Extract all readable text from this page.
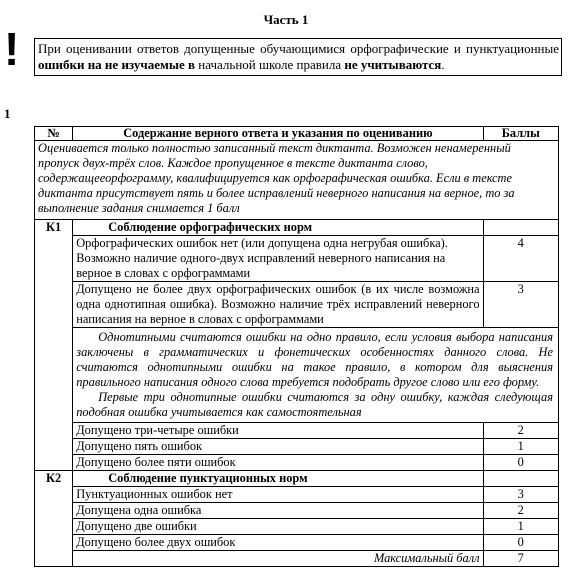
Часть 1
!	При оценивании ответов допущенные обучающимися орфографические и пунктуационные ошибки на не изучаемые в начальной школе правила не учитываются.
1
№	Содержание верного ответа и указания по оцениванию	Баллы
Оценивается только полностью записанный текст диктанта. Возможен ненамеренный пропуск двух-трёх слов. Каждое пропущенное в тексте диктанта слово, содержащееорфограмму, квалифицируется как орфографическая ошибка. Если в тексте диктанта присутствует пять и более исправлений неверного написания на верное, то за выполнение задания снимается 1 балл		
К1	Соблюдение орфографических норм	
	Орфографических ошибок нет (или допущена одна негрубая ошибка). Возможно наличие одного-двух исправлений неверного написания на верное в словах с орфограммами	4
	Допущено не более двух орфографических ошибок (в их числе возможна одна однотипная ошибка). Возможно наличие трёх исправлений неверного написания на верное в словах с орфограммами	3

	Однотипными считаются ошибки на одно правило, если условия выбора написания заключены в грамматических и фонетических особенностях данного слова. Не считаются однотипными ошибки на такое правило, в котором для выяснения правильного написания одного слова требуется подобрать другое слово или его форму.
Первые три однотипные ошибки считаются за одну ошибку, каждая следующая подобная ошибка учитывается как самостоятельная	

	Допущено три-четыре ошибки	2
	Допущено пять ошибок	1
	Допущено более пяти ошибок	0
К2	Соблюдение пунктуационных норм	
	Пунктуационных ошибок нет	3
	Допущена одна ошибка	2
	Допущено две ошибки	1
	Допущено более двух ошибок	0
	Максимальный балл	7
